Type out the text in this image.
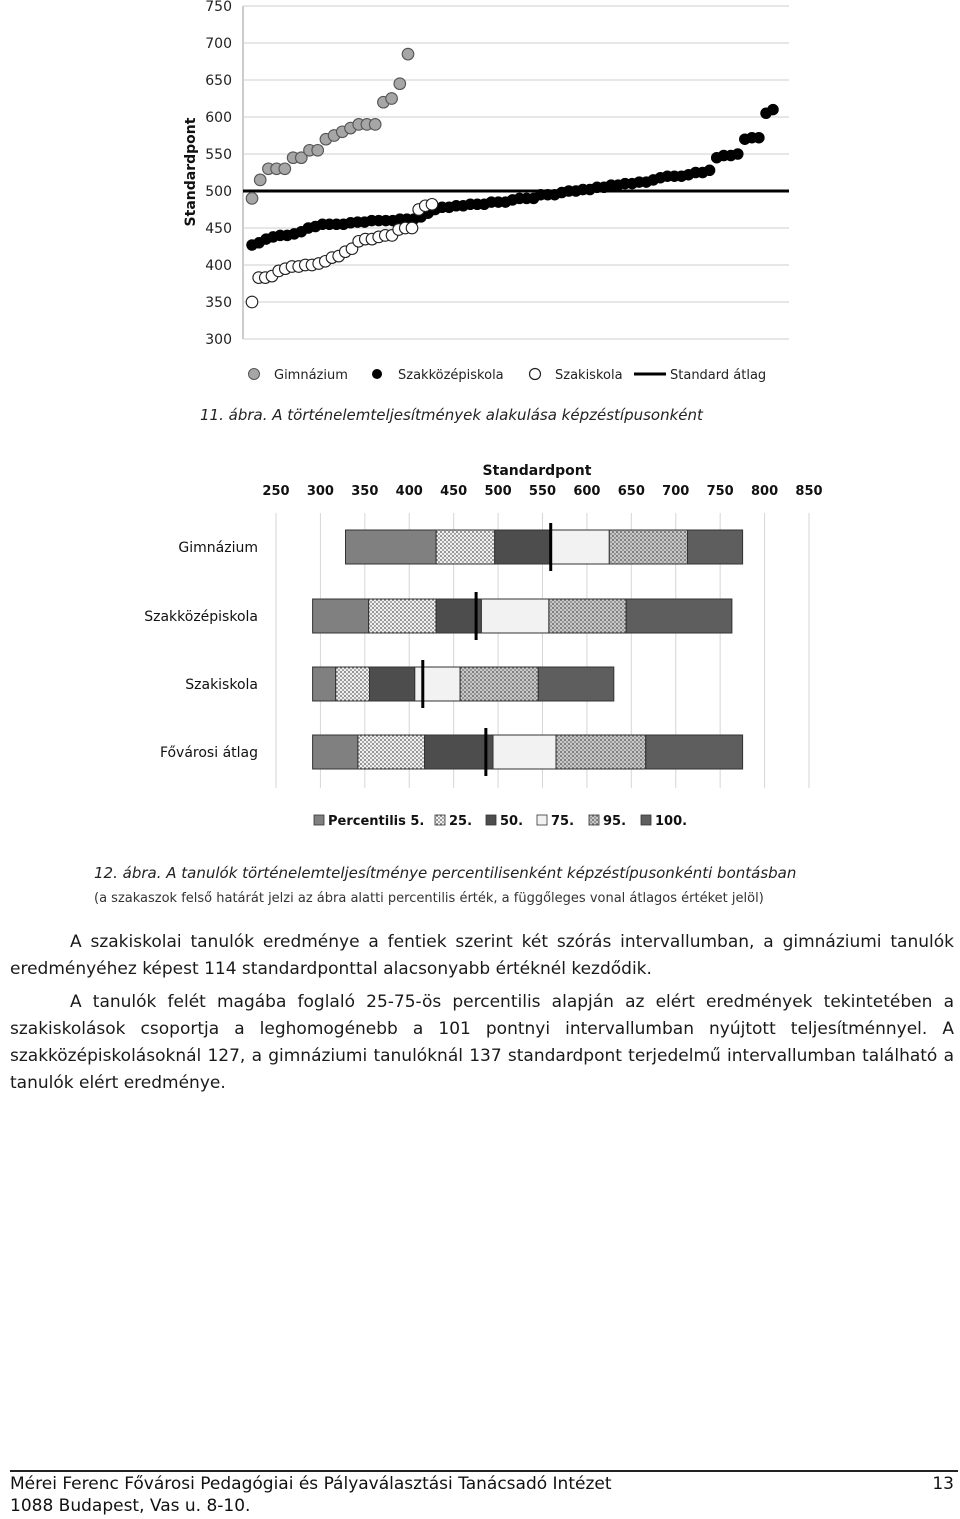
750
700
650
600
550
500
450
400
350
300
Standardpont
Gimnázium	Szakközépiskola	Szakiskola	Standard átlag
11. ábra. A történelemteljesítmények alakulása képzéstípusonként
Standardpont
250 300 350 400 450 500 550 600 650 700 750 800 850
Gimnázium
Szakközépiskola
Szakiskola
Fővárosi átlag
Percentilis 5. 25. 50. 75. 95. 100.
12. ábra. A tanulók történelemteljesítménye percentilisenként képzéstípusonkénti bontásban
(a szakaszok felső határát jelzi az ábra alatti percentilis érték, a függőleges vonal átlagos értéket jelöl)

A szakiskolai tanulók eredménye a fentiek szerint két szórás intervallumban, a gimnáziumi tanulók eredményéhez képest 114 standardponttal alacsonyabb értéknél kezdődik.

A tanulók felét magába foglaló 25-75-ös percentilis alapján az elért eredmények tekintetében a szakiskolások csoportja a leghomogénebb a 101 pontnyi intervallumban nyújtott teljesítménnyel. A szakközépiskolásoknál 127, a gimnáziumi tanulóknál 137 standardpont terjedelmű intervallumban található a tanulók elért eredménye.

Mérei Ferenc Fővárosi Pedagógiai és Pályaválasztási Tanácsadó Intézet
1088 Budapest, Vas u. 8-10.
13
